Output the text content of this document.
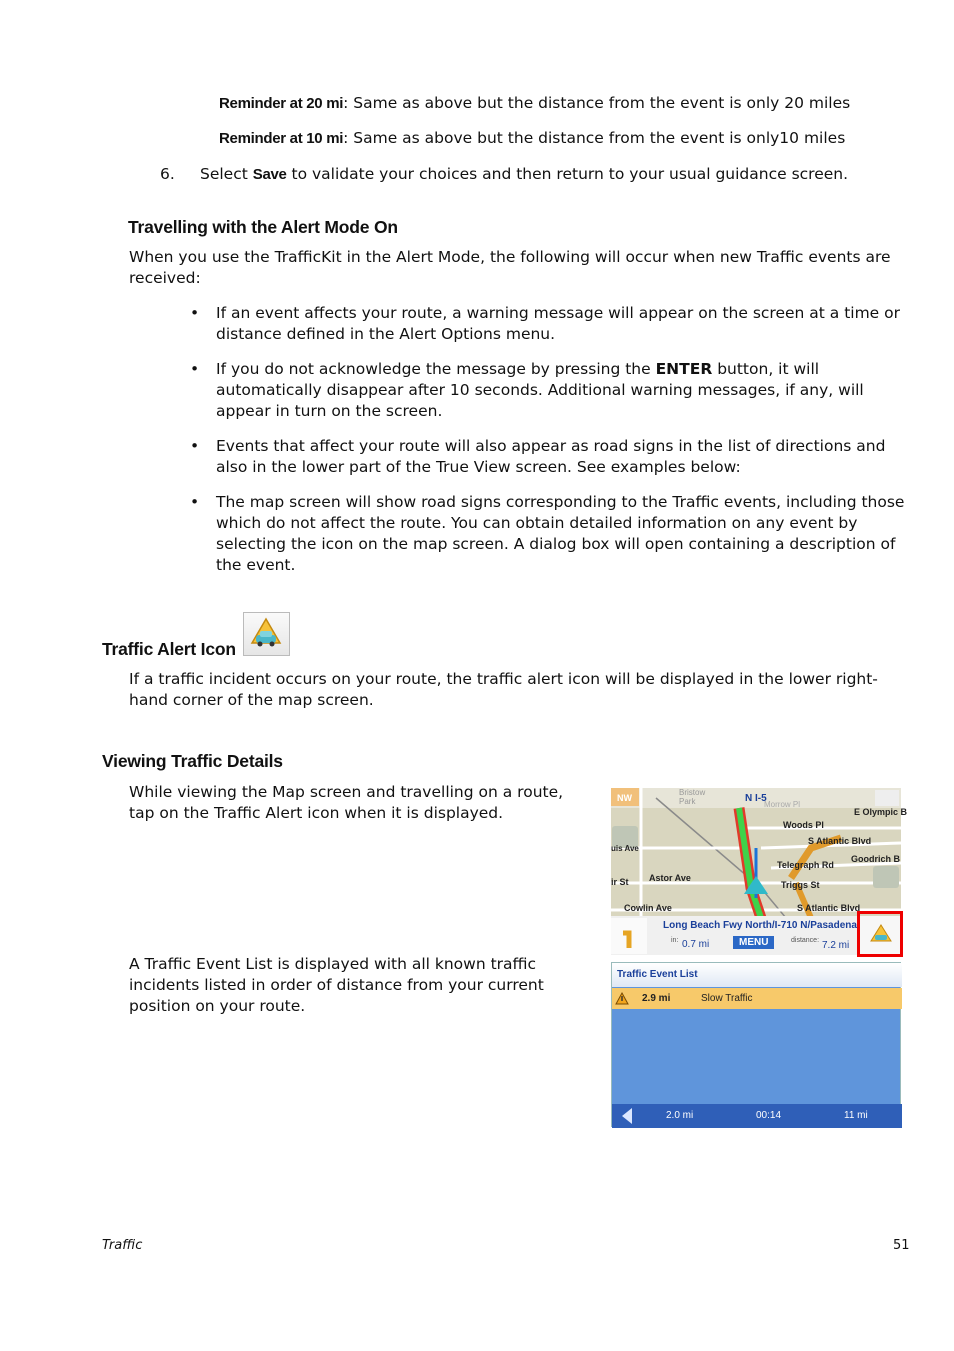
Reminder at 20 mi: Same as above but the distance from the event is only 20 miles
Reminder at 10 mi: Same as above but the distance from the event is only10 miles
6. Select Save to validate your choices and then return to your usual guidance screen.
Travelling with the Alert Mode On
When you use the TrafficKit in the Alert Mode, the following will occur when new Traffic events are received:
• If an event affects your route, a warning message will appear on the screen at a time or distance defined in the Alert Options menu.
• If you do not acknowledge the message by pressing the ENTER button, it will automatically disappear after 10 seconds. Additional warning messages, if any, will appear in turn on the screen.
• Events that affect your route will also appear as road signs in the list of directions and also in the lower part of the True View screen. See examples below:
• The map screen will show road signs corresponding to the Traffic events, including those which do not affect the route. You can obtain detailed information on any event by selecting the icon on the map screen. A dialog box will open containing a description of the event.
Traffic Alert Icon
If a traffic incident occurs on your route, the traffic alert icon will be displayed in the lower right-hand corner of the map screen.
Viewing Traffic Details
While viewing the Map screen and travelling on a route, tap on the Traffic Alert icon when it is displayed.
A Traffic Event List is displayed with all known traffic incidents listed in order of distance from your current position on your route.
NW	N I-5
Bristow Park	Morrow Pl
Woods Pl
E Olympic B
S Atlantic Blvd
Goodrich B
Telegraph Rd
Astor Ave
Triggs St
ir St
Cowlin Ave	S Atlantic Blvd
uis Ave
Long Beach Fwy North/I-710 N/Pasadena
in: 0.7 mi	MENU	distance: 7.2 mi
Traffic Event List
2.9 mi	Slow Traffic
2.0 mi	00:14	11 mi
Traffic	51
